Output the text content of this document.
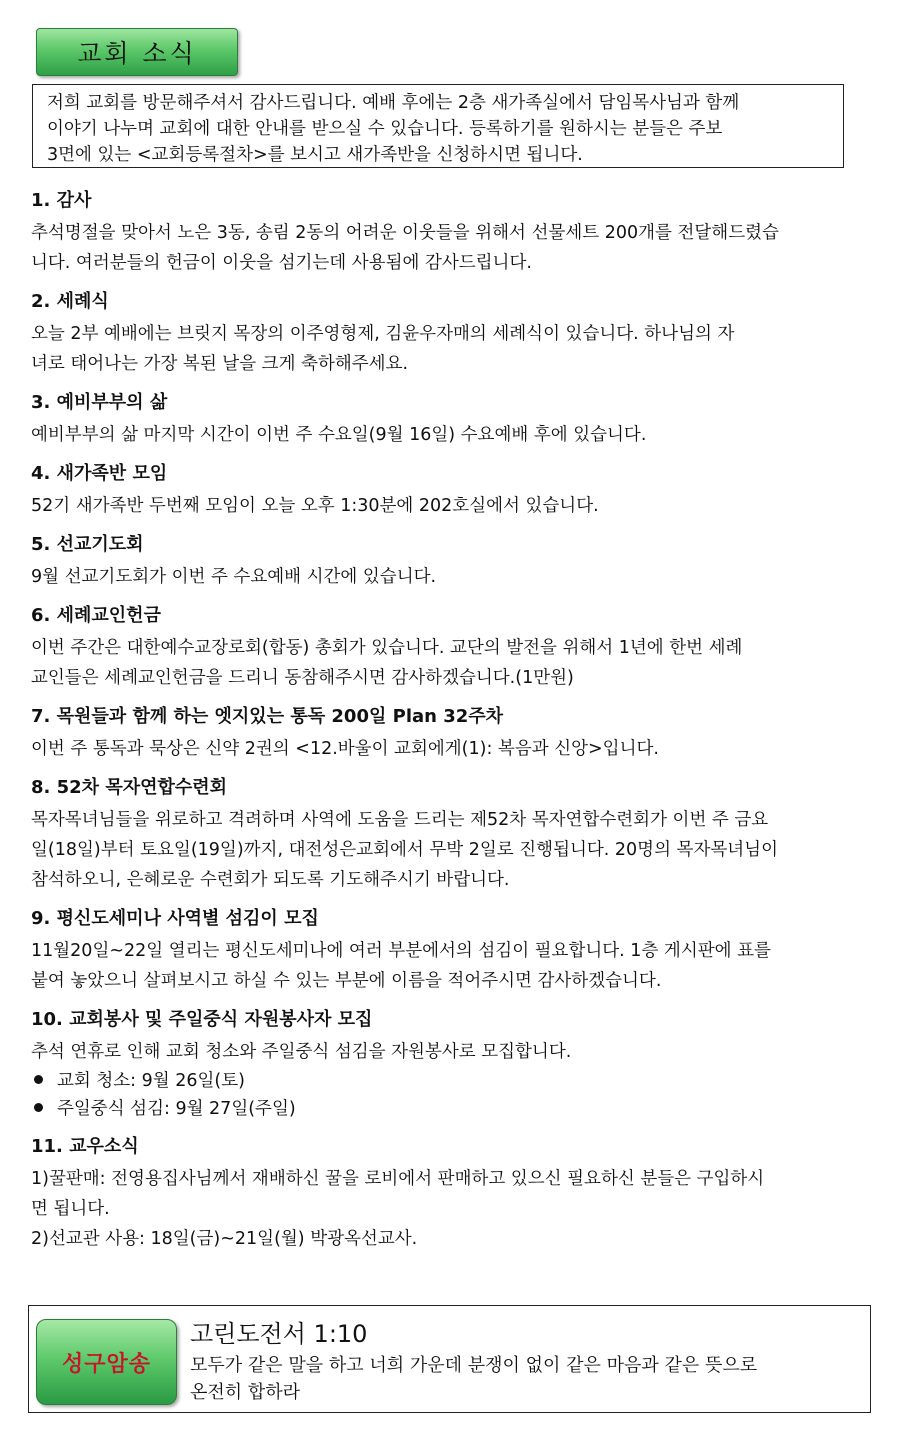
교회 소식
저희 교회를 방문해주셔서 감사드립니다. 예배 후에는 2층 새가족실에서 담임목사님과 함께
이야기 나누며 교회에 대한 안내를 받으실 수 있습니다. 등록하기를 원하시는 분들은 주보
3면에 있는 <교회등록절차>를 보시고 새가족반을 신청하시면 됩니다.
1. 감사
추석명절을 맞아서 노은 3동, 송림 2동의 어려운 이웃들을 위해서 선물세트 200개를 전달해드렸습
니다. 여러분들의 헌금이 이웃을 섬기는데 사용됨에 감사드립니다.
2. 세례식
오늘 2부 예배에는 브릿지 목장의 이주영형제, 김윤우자매의 세례식이 있습니다. 하나님의 자
녀로 태어나는 가장 복된 날을 크게 축하해주세요.
3. 예비부부의 삶
예비부부의 삶 마지막 시간이 이번 주 수요일(9월 16일) 수요예배 후에 있습니다.
4. 새가족반 모임
52기 새가족반 두번째 모임이 오늘 오후 1:30분에 202호실에서 있습니다.
5. 선교기도회
9월 선교기도회가 이번 주 수요예배 시간에 있습니다.
6. 세례교인헌금
이번 주간은 대한예수교장로회(합동) 총회가 있습니다. 교단의 발전을 위해서 1년에 한번 세례
교인들은 세례교인헌금을 드리니 동참해주시면 감사하겠습니다.(1만원)
7. 목원들과 함께 하는 엣지있는 통독 200일 Plan 32주차
이번 주 통독과 묵상은 신약 2권의 <12.바울이 교회에게(1): 복음과 신앙>입니다.
8. 52차 목자연합수련회
목자목녀님들을 위로하고 격려하며 사역에 도움을 드리는 제52차 목자연합수련회가 이번 주 금요
일(18일)부터 토요일(19일)까지, 대전성은교회에서 무박 2일로 진행됩니다. 20명의 목자목녀님이
참석하오니, 은혜로운 수련회가 되도록 기도해주시기 바랍니다.
9. 평신도세미나 사역별 섬김이 모집
11월20일~22일 열리는 평신도세미나에 여러 부분에서의 섬김이 필요합니다. 1층 게시판에 표를
붙여 놓았으니 살펴보시고 하실 수 있는 부분에 이름을 적어주시면 감사하겠습니다.
10. 교회봉사 및 주일중식 자원봉사자 모집
추석 연휴로 인해 교회 청소와 주일중식 섬김을 자원봉사로 모집합니다.
교회 청소: 9월 26일(토)
주일중식 섬김: 9월 27일(주일)
11. 교우소식
1)꿀판매: 전영용집사님께서 재배하신 꿀을 로비에서 판매하고 있으신 필요하신 분들은 구입하시
면 됩니다.
2)선교관 사용: 18일(금)~21일(월) 박광옥선교사.
성구암송
고린도전서 1:10
모두가 같은 말을 하고 너희 가운데 분쟁이 없이 같은 마음과 같은 뜻으로
온전히 합하라
